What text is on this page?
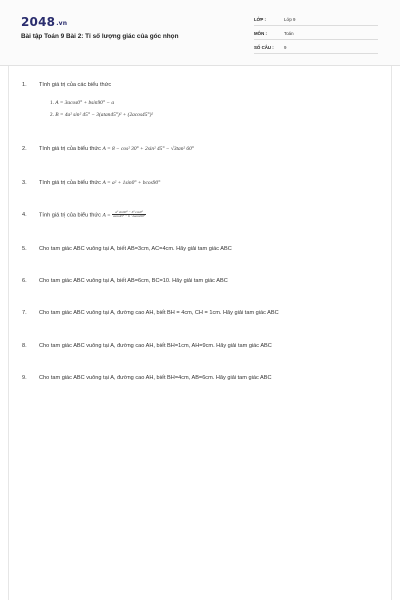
2048.vn
Bài tập Toán 9 Bài 2: Tỉ số lượng giác của góc nhọn
LỚP :	Lớp 9
MÔN :	Toán
SỐ CÂU : 9
1. Tính giá trị của các biểu thức
1. A = 3acos0° + bsin90° − a
2. B = 4a² sin² 45° − 3(atan45°)² + (2acos45°)²
2. Tính giá trị của biểu thức A = 8 − cos² 30° + 2sin² 45° − √3tan² 60°
3. Tính giá trị của biểu thức A = a² + 1sin0° + bcos90°
4. Tính giá trị của biểu thức $A = \frac{\text{a² sin90° − b² cos0°}}{acos45^\circ - b \cdot 2acos90^\circ}$
5. Cho tam giác ABC vuông tại A, biết AB=3cm, AC=4cm. Hãy giải tam giác ABC
6. Cho tam giác ABC vuông tại A, biết AB=6cm, BC=10. Hãy giải tam giác ABC
7. Cho tam giác ABC vuông tại A, đường cao AH, biết BH = 4cm, CH = 1cm. Hãy giải tam giác ABC
8. Cho tam giác ABC vuông tại A, đường cao AH, biết BH=1cm, AH=9cm. Hãy giải tam giác ABC
9. Cho tam giác ABC vuông tại A, đường cao AH, biết BH=4cm, AB=6cm. Hãy giải tam giác ABC
